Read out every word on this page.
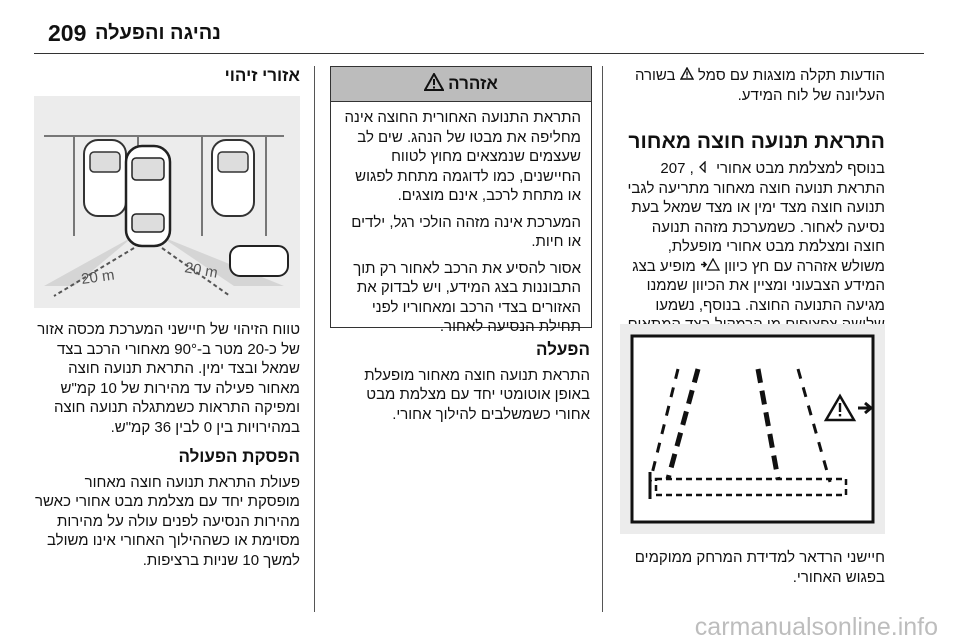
209 נהיגה והפעלה

הודעות תקלה מוצגות עם סמל  בשורה העליונה של לוח המידע.

התראת תנועה חוצה מאחור

בנוסף למצלמת מבט אחורי  , 207 התראת תנועה חוצה מאחור מתריעה לגבי תנועה חוצה מצד ימין או מצד שמאל בעת נסיעה לאחור. כשמערכת מזהה תנועה חוצה ומצלמת מבט אחורי מופעלת, משולש אזהרה עם חץ כיוון  מופיע בצג המידע הצבעוני ומציין את הכיוון שממנו מגיעה התנועה החוצה. בנוסף, נשמעו

חיישני הרדאר למדידת המרחק ממוקמים בפגוש האחורי.

אזהרה

התראת התנועה האחורית החוצה אינה מחליפה את מבטו של הנהג. שים לב שעצמים שנמצאים מחוץ לטווח החיישנים, כמו לדוגמה מתחת לפגוש או מתחת לרכב, אינם מוצגים.

המערכת אינה מזהה הולכי רגל, ילדים או חיות.

אסור להסיע את הרכב לאחור רק תוך התבוננות בצג המידע, ויש לבדוק את האזורים בצדי הרכב ומאחוריו לפני תחילת הנסיעה לאחור.

הפעלה

התראת תנועה חוצה מאחור מופעלת באופן אוטומטי יחד עם מצלמת מבט אחורי כשמשלבים להילוך אחורי.

אזורי זיהוי
20 m	20 m

טווח הזיהוי של חיישני המערכת מכסה אזור של כ-20 מטר ב-90° מאחורי הרכב בצד שמאל ובצד ימין. התראת תנועה חוצה מאחור פעילה עד מהירות של 10 קמ"ש ומפיקה התראות כשמתגלה תנועה חוצה במהירויות בין 0 לבין 36 קמ"ש.

הפסקת הפעולה

פעולת התראת תנועה חוצה מאחור מופסקת יחד עם מצלמת מבט אחורי כאשר מהירות הנסיעה לפנים עולה על מהירות מסוימת או כשההילוך האחורי אינו משולב למשך 10 שניות ברציפות.

carmanualsonline.info
